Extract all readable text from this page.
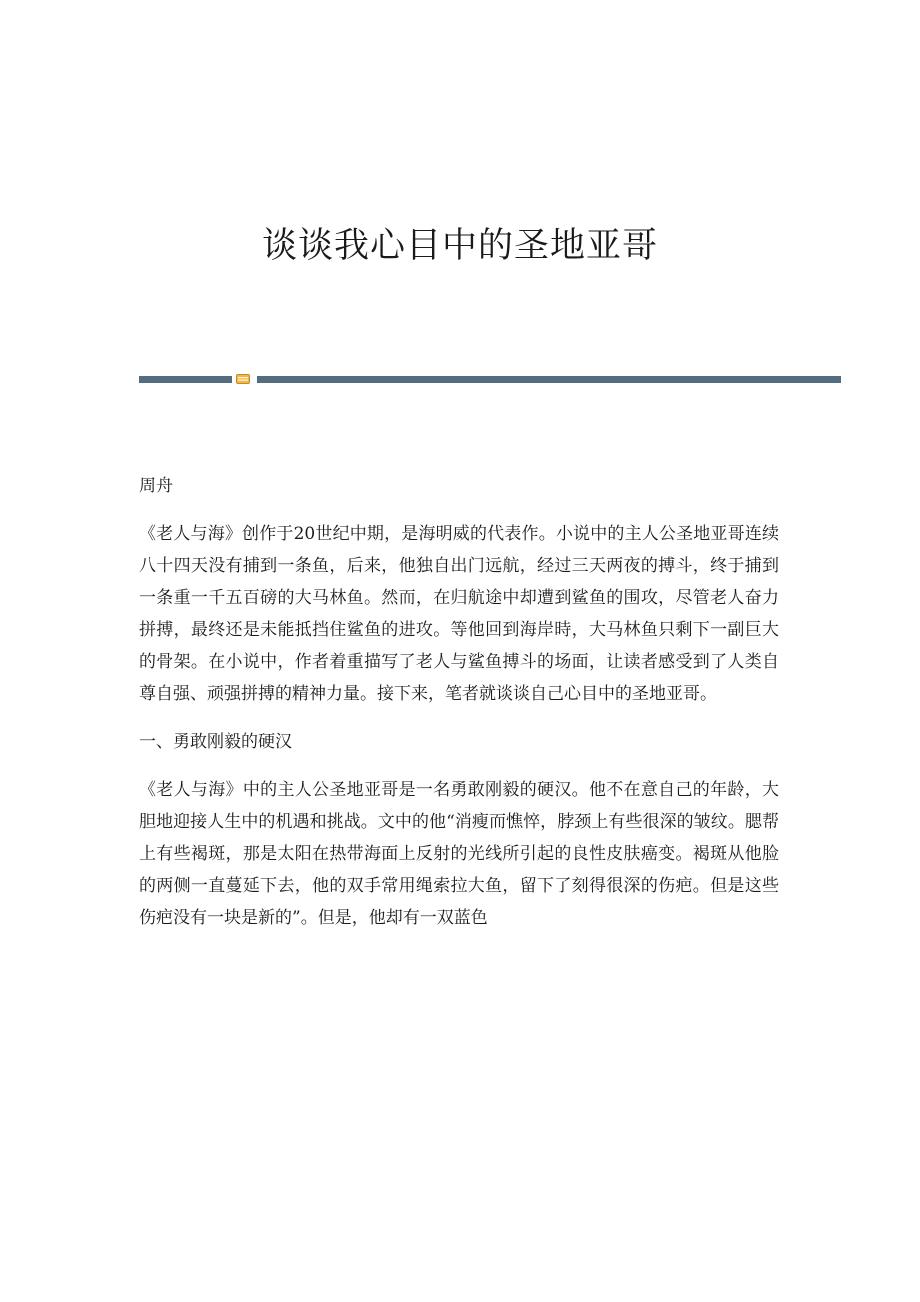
谈谈我心目中的圣地亚哥

周舟

《老人与海》创作于20世纪中期，是海明威的代表作。小说中的主人公圣地亚哥连续八十四天没有捕到一条鱼，后来，他独自出门远航，经过三天两夜的搏斗，终于捕到一条重一千五百磅的大马林鱼。然而，在归航途中却遭到鲨鱼的围攻，尽管老人奋力拼搏，最终还是未能抵挡住鲨鱼的进攻。等他回到海岸時，大马林鱼只剩下一副巨大的骨架。在小说中，作者着重描写了老人与鲨鱼搏斗的场面，让读者感受到了人类自尊自强、顽强拼搏的精神力量。接下来，笔者就谈谈自己心目中的圣地亚哥。

一、勇敢刚毅的硬汉

《老人与海》中的主人公圣地亚哥是一名勇敢刚毅的硬汉。他不在意自己的年龄，大胆地迎接人生中的机遇和挑战。文中的他“消瘦而憔悴，脖颈上有些很深的皱纹。腮帮上有些褐斑，那是太阳在热带海面上反射的光线所引起的良性皮肤癌变。褐斑从他脸的两侧一直蔓延下去，他的双手常用绳索拉大鱼，留下了刻得很深的伤疤。但是这些伤疤没有一块是新的”。但是，他却有一双蓝色
